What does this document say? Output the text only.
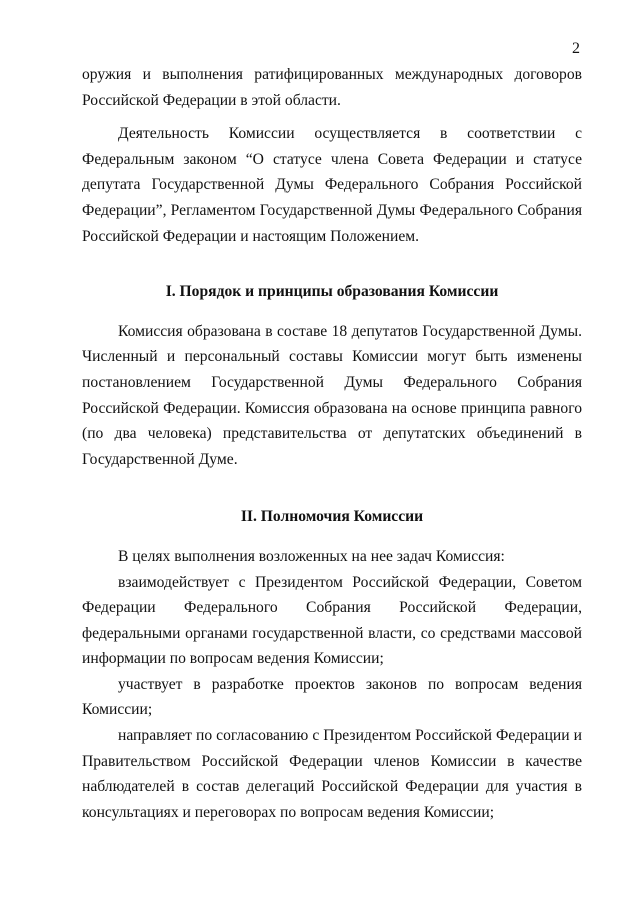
2

оружия и выполнения ратифицированных международных договоров Российской Федерации в этой области.

Деятельность Комиссии осуществляется в соответствии с Федеральным законом “О статусе члена Совета Федерации и статусе депутата Государственной Думы Федерального Собрания Российской Федерации”, Регламентом Государственной Думы Федерального Собрания Российской Федерации и настоящим Положением.

I. Порядок и принципы образования Комиссии

Комиссия образована в составе 18 депутатов Государственной Думы. Численный и персональный составы Комиссии могут быть изменены постановлением Государственной Думы Федерального Собрания Российской Федерации. Комиссия образована на основе принципа равного (по два человека) представительства от депутатских объединений в Государственной Думе.

II. Полномочия Комиссии

В целях выполнения возложенных на нее задач Комиссия:

взаимодействует с Президентом Российской Федерации, Советом Федерации Федерального Собрания Российской Федерации, федеральными органами государственной власти, со средствами массовой информации по вопросам ведения Комиссии;

участвует в разработке проектов законов по вопросам ведения Комиссии;

направляет по согласованию с Президентом Российской Федерации и Правительством Российской Федерации членов Комиссии в качестве наблюдателей в состав делегаций Российской Федерации для участия в консультациях и переговорах по вопросам ведения Комиссии;
